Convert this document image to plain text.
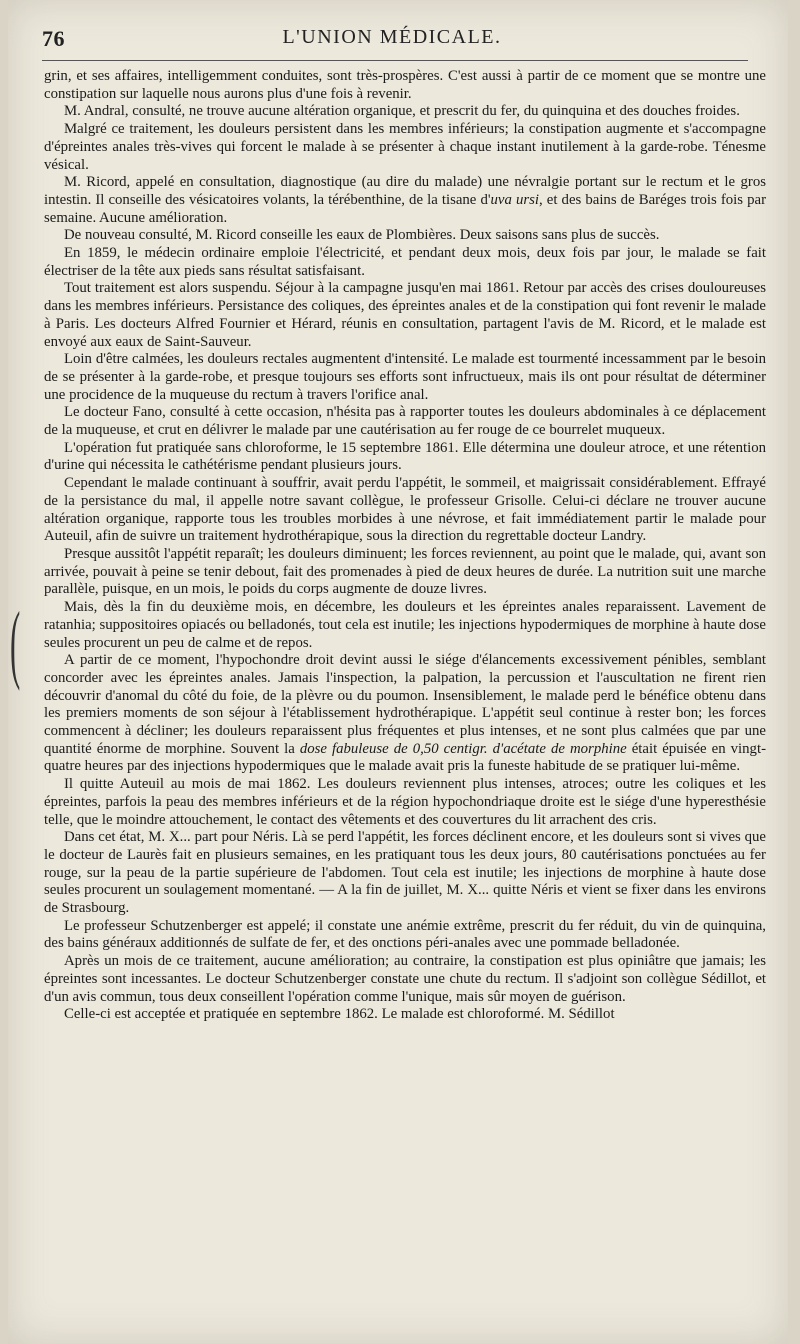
76	L'UNION MÉDICALE.
(

grin, et ses affaires, intelligemment conduites, sont très-prospères. C'est aussi à partir de ce moment que se montre une constipation sur laquelle nous aurons plus d'une fois à revenir.

M. Andral, consulté, ne trouve aucune altération organique, et prescrit du fer, du quinquina et des douches froides.

Malgré ce traitement, les douleurs persistent dans les membres inférieurs; la constipation augmente et s'accompagne d'épreintes anales très-vives qui forcent le malade à se présenter à chaque instant inutilement à la garde-robe. Ténesme vésical.

M. Ricord, appelé en consultation, diagnostique (au dire du malade) une névralgie portant sur le rectum et le gros intestin. Il conseille des vésicatoires volants, la térébenthine, de la tisane d'uva ursi, et des bains de Baréges trois fois par semaine. Aucune amélioration.

De nouveau consulté, M. Ricord conseille les eaux de Plombières. Deux saisons sans plus de succès.

En 1859, le médecin ordinaire emploie l'électricité, et pendant deux mois, deux fois par jour, le malade se fait électriser de la tête aux pieds sans résultat satisfaisant.

Tout traitement est alors suspendu. Séjour à la campagne jusqu'en mai 1861. Retour par accès des crises douloureuses dans les membres inférieurs. Persistance des coliques, des épreintes anales et de la constipation qui font revenir le malade à Paris. Les docteurs Alfred Fournier et Hérard, réunis en consultation, partagent l'avis de M. Ricord, et le malade est envoyé aux eaux de Saint-Sauveur.

Loin d'être calmées, les douleurs rectales augmentent d'intensité. Le malade est tourmenté incessamment par le besoin de se présenter à la garde-robe, et presque toujours ses efforts sont infructueux, mais ils ont pour résultat de déterminer une procidence de la muqueuse du rectum à travers l'orifice anal.

Le docteur Fano, consulté à cette occasion, n'hésita pas à rapporter toutes les douleurs abdominales à ce déplacement de la muqueuse, et crut en délivrer le malade par une cautérisation au fer rouge de ce bourrelet muqueux.

L'opération fut pratiquée sans chloroforme, le 15 septembre 1861. Elle détermina une douleur atroce, et une rétention d'urine qui nécessita le cathétérisme pendant plusieurs jours.

Cependant le malade continuant à souffrir, avait perdu l'appétit, le sommeil, et maigrissait considérablement. Effrayé de la persistance du mal, il appelle notre savant collègue, le professeur Grisolle. Celui-ci déclare ne trouver aucune altération organique, rapporte tous les troubles morbides à une névrose, et fait immédiatement partir le malade pour Auteuil, afin de suivre un traitement hydrothérapique, sous la direction du regrettable docteur Landry.

Presque aussitôt l'appétit reparaît; les douleurs diminuent; les forces reviennent, au point que le malade, qui, avant son arrivée, pouvait à peine se tenir debout, fait des promenades à pied de deux heures de durée. La nutrition suit une marche parallèle, puisque, en un mois, le poids du corps augmente de douze livres.

Mais, dès la fin du deuxième mois, en décembre, les douleurs et les épreintes anales reparaissent. Lavement de ratanhia; suppositoires opiacés ou belladonés, tout cela est inutile; les injections hypodermiques de morphine à haute dose seules procurent un peu de calme et de repos.

A partir de ce moment, l'hypochondre droit devint aussi le siége d'élancements excessivement pénibles, semblant concorder avec les épreintes anales. Jamais l'inspection, la palpation, la percussion et l'auscultation ne firent rien découvrir d'anomal du côté du foie, de la plèvre ou du poumon. Insensiblement, le malade perd le bénéfice obtenu dans les premiers moments de son séjour à l'établissement hydrothérapique. L'appétit seul continue à rester bon; les forces commencent à décliner; les douleurs reparaissent plus fréquentes et plus intenses, et ne sont plus calmées que par une quantité énorme de morphine. Souvent la dose fabuleuse de 0,50 centigr. d'acétate de morphine était épuisée en vingt-quatre heures par des injections hypodermiques que le malade avait pris la funeste habitude de se pratiquer lui-même.

Il quitte Auteuil au mois de mai 1862. Les douleurs reviennent plus intenses, atroces; outre les coliques et les épreintes, parfois la peau des membres inférieurs et de la région hypochondriaque droite est le siége d'une hyperesthésie telle, que le moindre attouchement, le contact des vêtements et des couvertures du lit arrachent des cris.

Dans cet état, M. X... part pour Néris. Là se perd l'appétit, les forces déclinent encore, et les douleurs sont si vives que le docteur de Laurès fait en plusieurs semaines, en les pratiquant tous les deux jours, 80 cautérisations ponctuées au fer rouge, sur la peau de la partie supérieure de l'abdomen. Tout cela est inutile; les injections de morphine à haute dose seules procurent un soulagement momentané. — A la fin de juillet, M. X... quitte Néris et vient se fixer dans les environs de Strasbourg.

Le professeur Schutzenberger est appelé; il constate une anémie extrême, prescrit du fer réduit, du vin de quinquina, des bains généraux additionnés de sulfate de fer, et des onctions péri-anales avec une pommade belladonée.

Après un mois de ce traitement, aucune amélioration; au contraire, la constipation est plus opiniâtre que jamais; les épreintes sont incessantes. Le docteur Schutzenberger constate une chute du rectum. Il s'adjoint son collègue Sédillot, et d'un avis commun, tous deux conseillent l'opération comme l'unique, mais sûr moyen de guérison.

Celle-ci est acceptée et pratiquée en septembre 1862. Le malade est chloroformé. M. Sédillot
